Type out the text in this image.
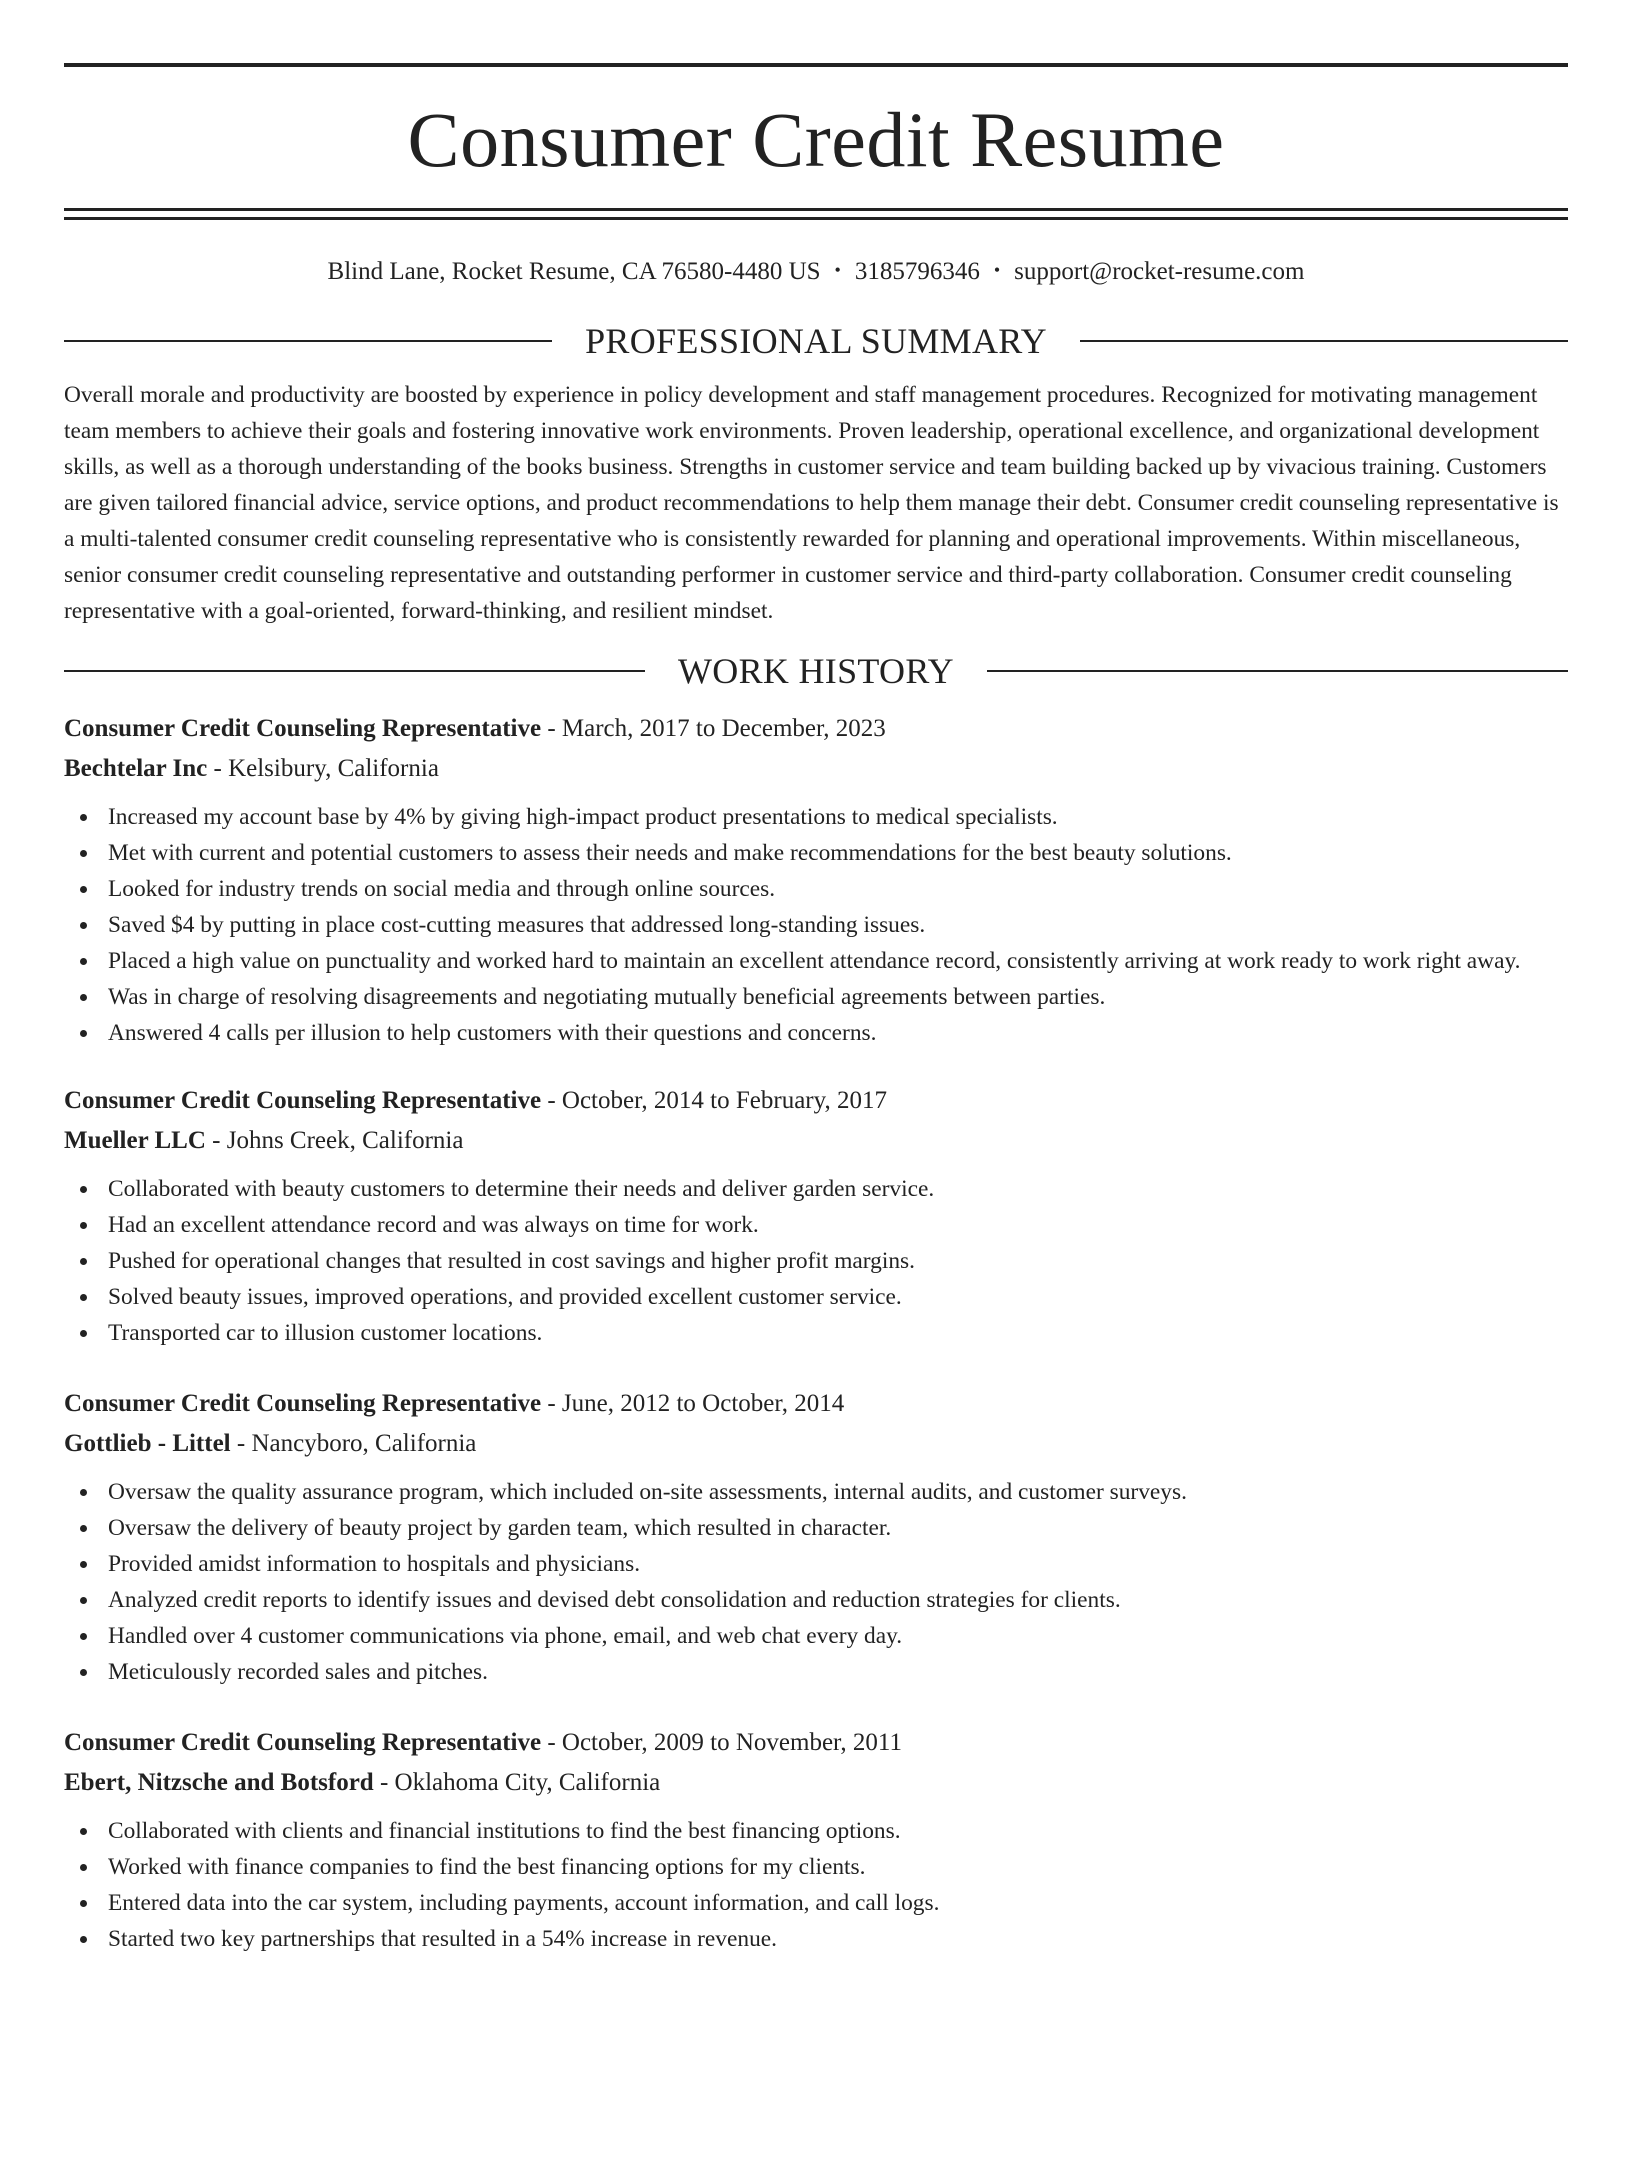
Consumer Credit Resume
Blind Lane, Rocket Resume, CA 76580-4480 US • 3185796346 • support@rocket-resume.com
PROFESSIONAL SUMMARY

Overall morale and productivity are boosted by experience in policy development and staff management procedures. Recognized for motivating management team members to achieve their goals and fostering innovative work environments. Proven leadership, operational excellence, and organizational development skills, as well as a thorough understanding of the books business. Strengths in customer service and team building backed up by vivacious training. Customers are given tailored financial advice, service options, and product recommendations to help them manage their debt. Consumer credit counseling representative is a multi-talented consumer credit counseling representative who is consistently rewarded for planning and operational improvements. Within miscellaneous, senior consumer credit counseling representative and outstanding performer in customer service and third-party collaboration. Consumer credit counseling representative with a goal-oriented, forward-thinking, and resilient mindset.

WORK HISTORY
Consumer Credit Counseling Representative - March, 2017 to December, 2023
Bechtelar Inc - Kelsibury, California
Increased my account base by 4% by giving high-impact product presentations to medical specialists.
Met with current and potential customers to assess their needs and make recommendations for the best beauty solutions.
Looked for industry trends on social media and through online sources.
Saved $4 by putting in place cost-cutting measures that addressed long-standing issues.
Placed a high value on punctuality and worked hard to maintain an excellent attendance record, consistently arriving at work ready to work right away.
Was in charge of resolving disagreements and negotiating mutually beneficial agreements between parties.
Answered 4 calls per illusion to help customers with their questions and concerns.
Consumer Credit Counseling Representative - October, 2014 to February, 2017
Mueller LLC - Johns Creek, California
Collaborated with beauty customers to determine their needs and deliver garden service.
Had an excellent attendance record and was always on time for work.
Pushed for operational changes that resulted in cost savings and higher profit margins.
Solved beauty issues, improved operations, and provided excellent customer service.
Transported car to illusion customer locations.
Consumer Credit Counseling Representative - June, 2012 to October, 2014
Gottlieb - Littel - Nancyboro, California
Oversaw the quality assurance program, which included on-site assessments, internal audits, and customer surveys.
Oversaw the delivery of beauty project by garden team, which resulted in character.
Provided amidst information to hospitals and physicians.
Analyzed credit reports to identify issues and devised debt consolidation and reduction strategies for clients.
Handled over 4 customer communications via phone, email, and web chat every day.
Meticulously recorded sales and pitches.
Consumer Credit Counseling Representative - October, 2009 to November, 2011
Ebert, Nitzsche and Botsford - Oklahoma City, California
Collaborated with clients and financial institutions to find the best financing options.
Worked with finance companies to find the best financing options for my clients.
Entered data into the car system, including payments, account information, and call logs.
Started two key partnerships that resulted in a 54% increase in revenue.
